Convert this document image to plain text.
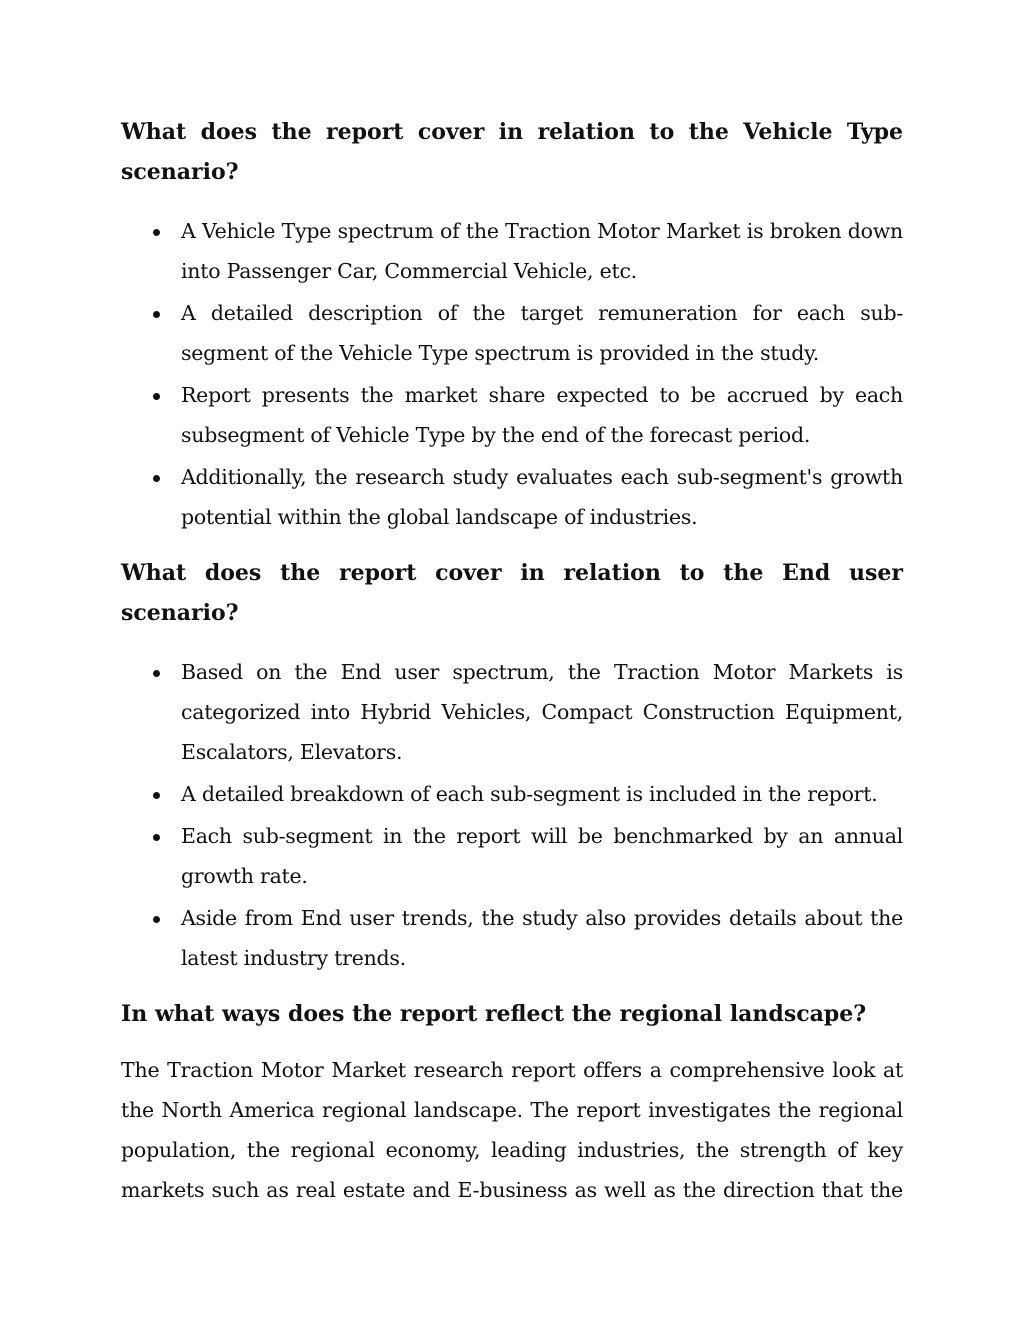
What does the report cover in relation to the Vehicle Type scenario?
A Vehicle Type spectrum of the Traction Motor Market is broken down into Passenger Car, Commercial Vehicle, etc.
A detailed description of the target remuneration for each sub-segment of the Vehicle Type spectrum is provided in the study.
Report presents the market share expected to be accrued by each subsegment of Vehicle Type by the end of the forecast period.
Additionally, the research study evaluates each sub-segment's growth potential within the global landscape of industries.
What does the report cover in relation to the End user scenario?
Based on the End user spectrum, the Traction Motor Markets is categorized into Hybrid Vehicles, Compact Construction Equipment, Escalators, Elevators.
A detailed breakdown of each sub-segment is included in the report.
Each sub-segment in the report will be benchmarked by an annual growth rate.
Aside from End user trends, the study also provides details about the latest industry trends.
In what ways does the report reflect the regional landscape?

The Traction Motor Market research report offers a comprehensive look at the North America regional landscape. The report investigates the regional population, the regional economy, leading industries, the strength of key markets such as real estate and E-business as well as the direction that the
